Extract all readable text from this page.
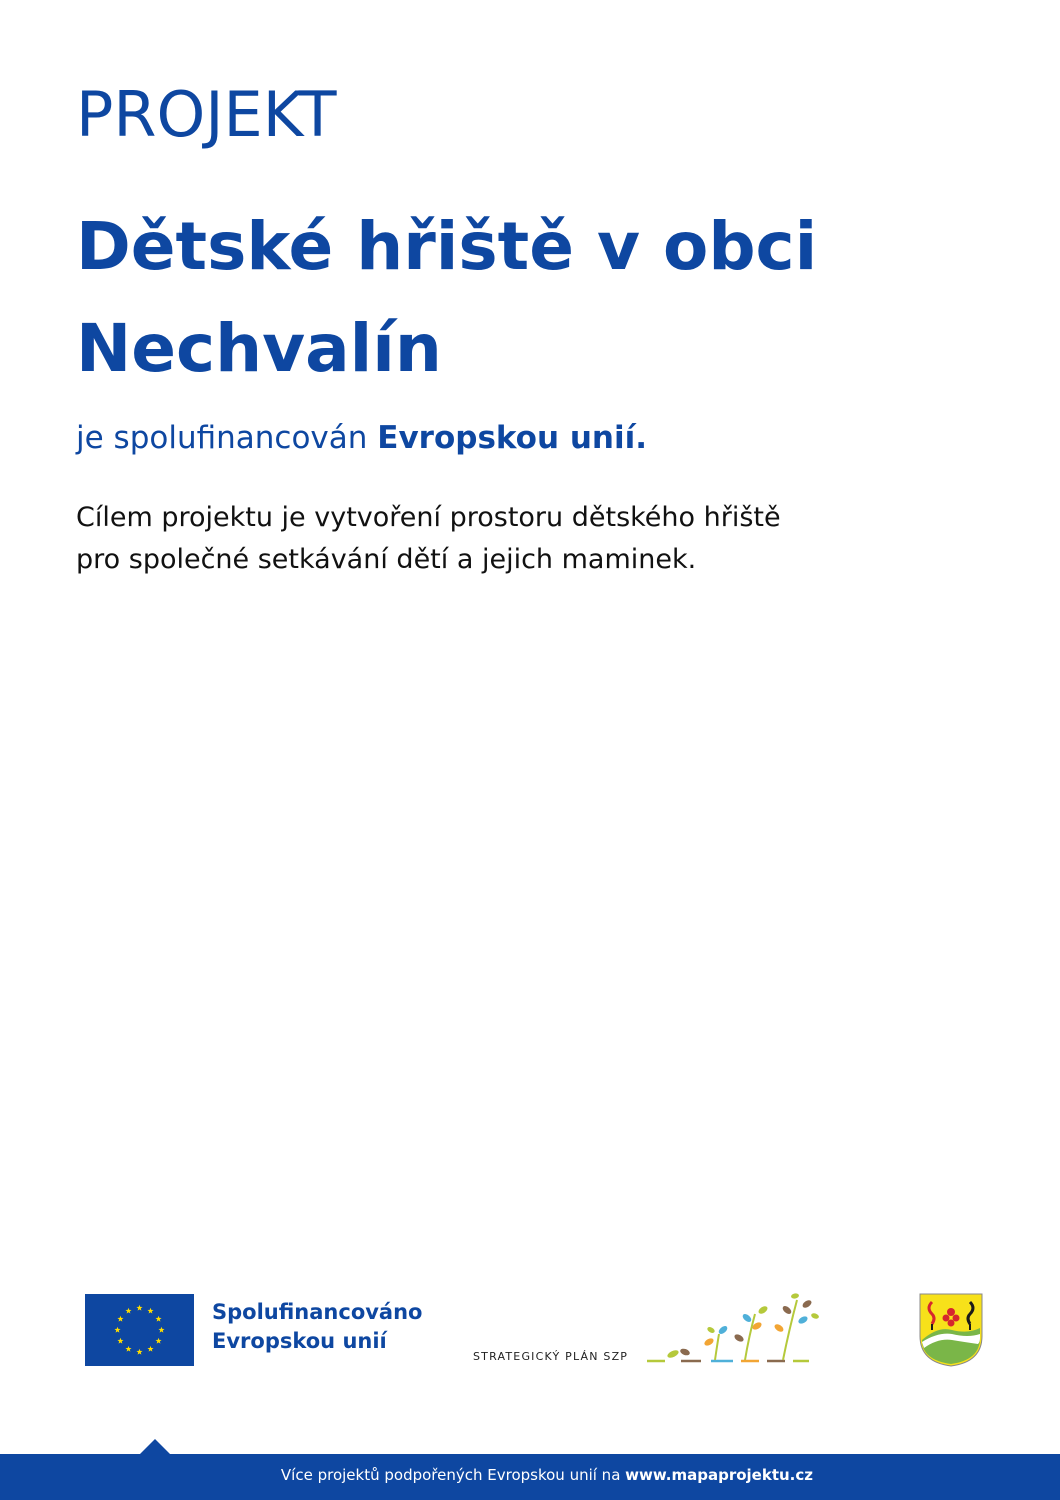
PROJEKT
Dětské hřiště v obci
Nechvalín
je spolufinancován Evropskou unií.
Cílem projektu je vytvoření prostoru dětského hřiště
pro společné setkávání dětí a jejich maminek.
Spolufinancováno
Evropskou unií
STRATEGICKÝ PLÁN SZP
Více projektů podpořených Evropskou unií na www.mapaprojektu.cz
